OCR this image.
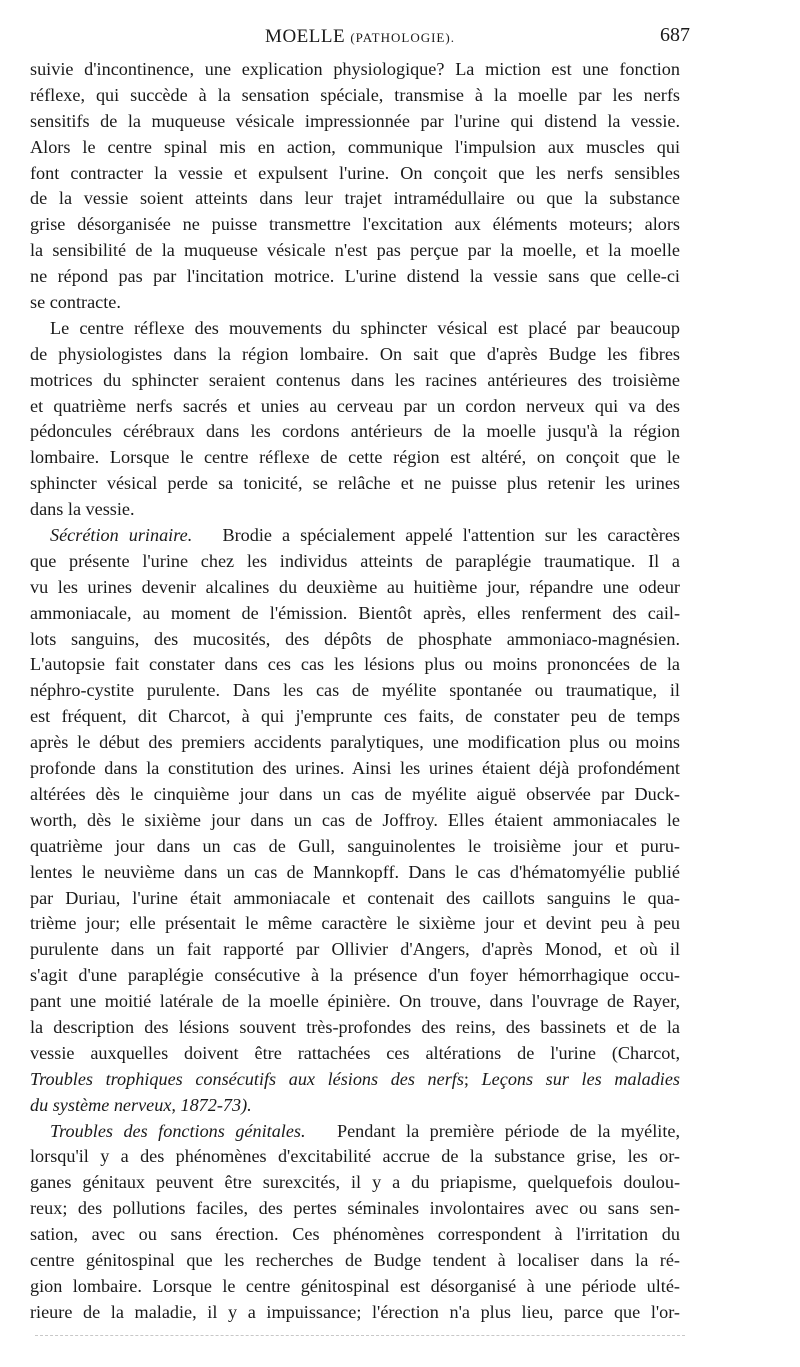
MOELLE (PATHOLOGIE).	687
suivie d'incontinence, une explication physiologique? La miction est une fonction
réflexe, qui succède à la sensation spéciale, transmise à la moelle par les nerfs
sensitifs de la muqueuse vésicale impressionnée par l'urine qui distend la vessie.
Alors le centre spinal mis en action, communique l'impulsion aux muscles qui
font contracter la vessie et expulsent l'urine. On conçoit que les nerfs sensibles
de la vessie soient atteints dans leur trajet intramédullaire ou que la substance
grise désorganisée ne puisse transmettre l'excitation aux éléments moteurs; alors
la sensibilité de la muqueuse vésicale n'est pas perçue par la moelle, et la moelle
ne répond pas par l'incitation motrice. L'urine distend la vessie sans que celle-ci
se contracte.
Le centre réflexe des mouvements du sphincter vésical est placé par beaucoup
de physiologistes dans la région lombaire. On sait que d'après Budge les fibres
motrices du sphincter seraient contenus dans les racines antérieures des troisième
et quatrième nerfs sacrés et unies au cerveau par un cordon nerveux qui va des
pédoncules cérébraux dans les cordons antérieurs de la moelle jusqu'à la région
lombaire. Lorsque le centre réflexe de cette région est altéré, on conçoit que le
sphincter vésical perde sa tonicité, se relâche et ne puisse plus retenir les urines
dans la vessie.
Sécrétion urinaire. Brodie a spécialement appelé l'attention sur les caractères
que présente l'urine chez les individus atteints de paraplégie traumatique. Il a
vu les urines devenir alcalines du deuxième au huitième jour, répandre une odeur
ammoniacale, au moment de l'émission. Bientôt après, elles renferment des cail-
lots sanguins, des mucosités, des dépôts de phosphate ammoniaco-magnésien.
L'autopsie fait constater dans ces cas les lésions plus ou moins prononcées de la
néphro-cystite purulente. Dans les cas de myélite spontanée ou traumatique, il
est fréquent, dit Charcot, à qui j'emprunte ces faits, de constater peu de temps
après le début des premiers accidents paralytiques, une modification plus ou moins
profonde dans la constitution des urines. Ainsi les urines étaient déjà profondément
altérées dès le cinquième jour dans un cas de myélite aiguë observée par Duck-
worth, dès le sixième jour dans un cas de Joffroy. Elles étaient ammoniacales le
quatrième jour dans un cas de Gull, sanguinolentes le troisième jour et puru-
lentes le neuvième dans un cas de Mannkopff. Dans le cas d'hématomyélie publié
par Duriau, l'urine était ammoniacale et contenait des caillots sanguins le qua-
trième jour; elle présentait le même caractère le sixième jour et devint peu à peu
purulente dans un fait rapporté par Ollivier d'Angers, d'après Monod, et où il
s'agit d'une paraplégie consécutive à la présence d'un foyer hémorrhagique occu-
pant une moitié latérale de la moelle épinière. On trouve, dans l'ouvrage de Rayer,
la description des lésions souvent très-profondes des reins, des bassinets et de la
vessie auxquelles doivent être rattachées ces altérations de l'urine (Charcot,
Troubles trophiques consécutifs aux lésions des nerfs; Leçons sur les maladies
du système nerveux, 1872-73).
Troubles des fonctions génitales. Pendant la première période de la myélite,
lorsqu'il y a des phénomènes d'excitabilité accrue de la substance grise, les or-
ganes génitaux peuvent être surexcités, il y a du priapisme, quelquefois doulou-
reux; des pollutions faciles, des pertes séminales involontaires avec ou sans sen-
sation, avec ou sans érection. Ces phénomènes correspondent à l'irritation du
centre génitospinal que les recherches de Budge tendent à localiser dans la ré-
gion lombaire. Lorsque le centre génitospinal est désorganisé à une période ulté-
rieure de la maladie, il y a impuissance; l'érection n'a plus lieu, parce que l'or-
